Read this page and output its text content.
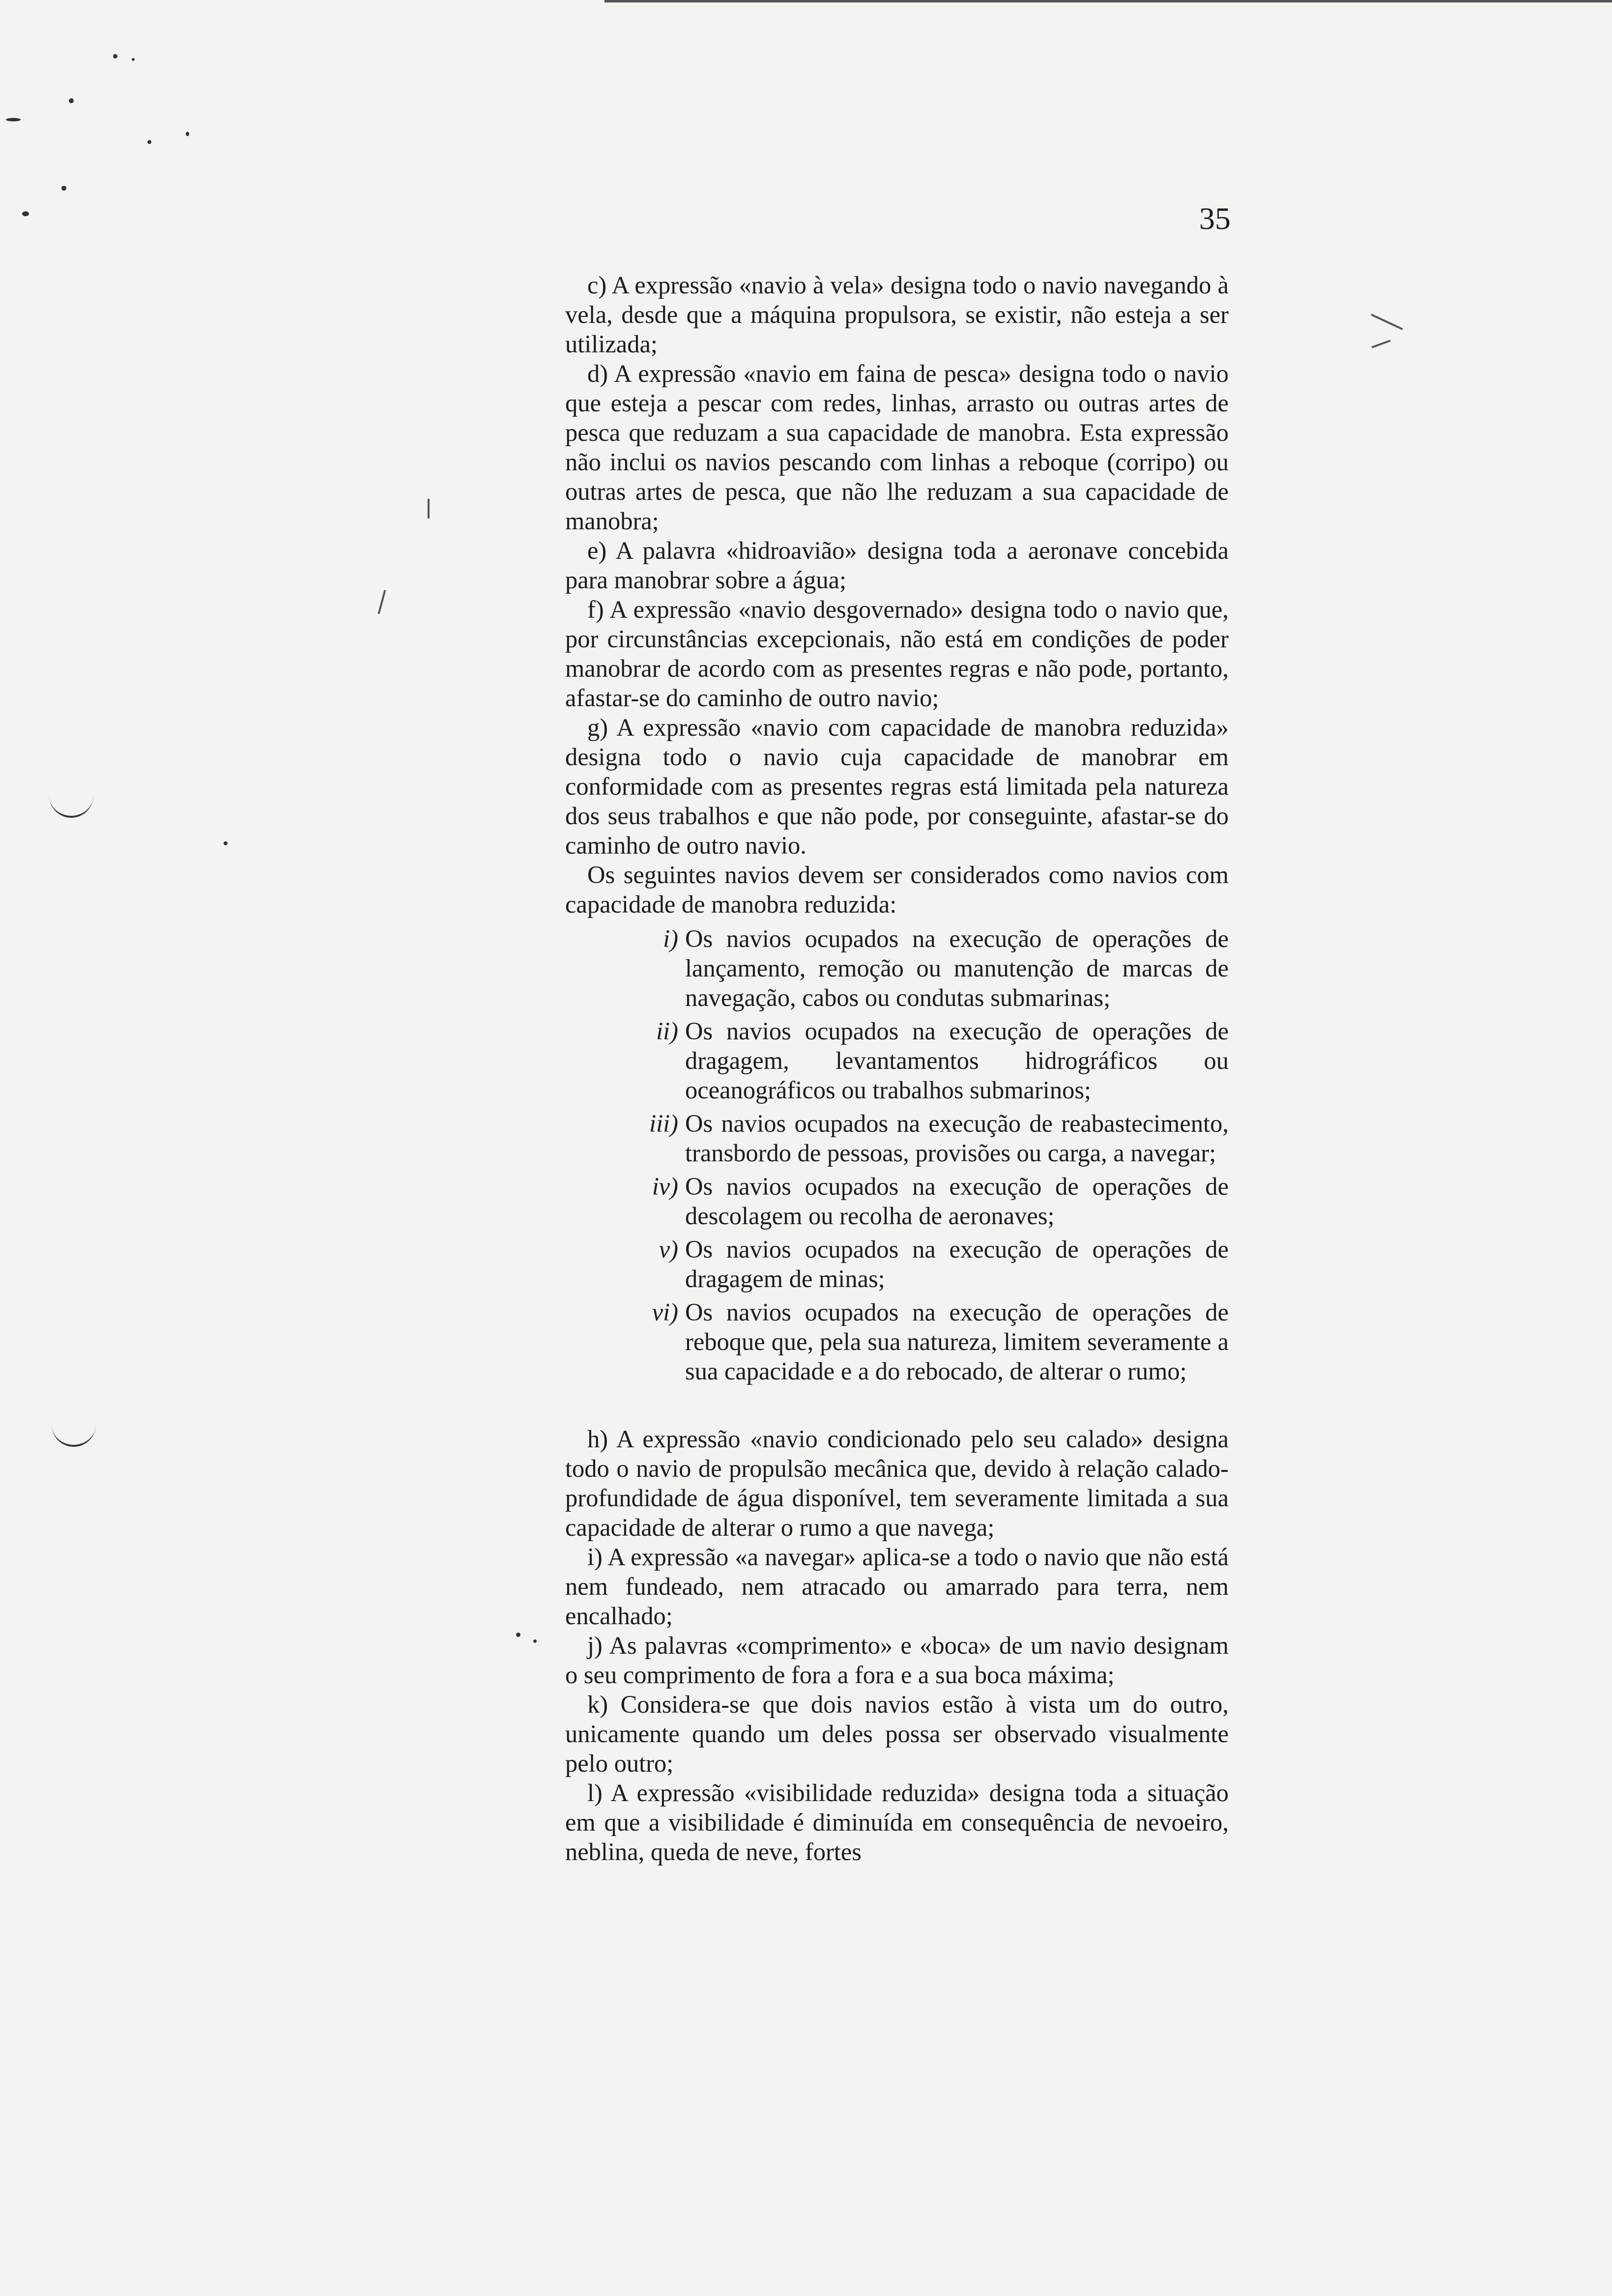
35

c) A expressão «navio à vela» designa todo o navio navegando à vela, desde que a máquina propulsora, se existir, não esteja a ser utilizada;

d) A expressão «navio em faina de pesca» designa todo o navio que esteja a pescar com redes, linhas, arrasto ou outras artes de pesca que reduzam a sua capacidade de manobra. Esta expressão não inclui os navios pescando com linhas a reboque (corripo) ou outras artes de pesca, que não lhe reduzam a sua capacidade de manobra;

e) A palavra «hidroavião» designa toda a aeronave concebida para manobrar sobre a água;

f) A expressão «navio desgovernado» designa todo o navio que, por circunstâncias excepcionais, não está em condições de poder manobrar de acordo com as presentes regras e não pode, portanto, afastar-se do caminho de outro navio;

g) A expressão «navio com capacidade de manobra reduzida» designa todo o navio cuja capacidade de manobrar em conformidade com as presentes regras está limitada pela natureza dos seus trabalhos e que não pode, por conseguinte, afastar-se do caminho de outro navio.

Os seguintes navios devem ser considerados como navios com capacidade de manobra reduzida:

i) Os navios ocupados na execução de operações de lançamento, remoção ou manutenção de marcas de navegação, cabos ou condutas submarinas;
ii) Os navios ocupados na execução de operações de dragagem, levantamentos hidrográficos ou oceanográficos ou trabalhos submarinos;
iii) Os navios ocupados na execução de reabastecimento, transbordo de pessoas, provisões ou carga, a navegar;
iv) Os navios ocupados na execução de operações de descolagem ou recolha de aeronaves;
v) Os navios ocupados na execução de operações de dragagem de minas;
vi) Os navios ocupados na execução de operações de reboque que, pela sua natureza, limitem severamente a sua capacidade e a do rebocado, de alterar o rumo;

h) A expressão «navio condicionado pelo seu calado» designa todo o navio de propulsão mecânica que, devido à relação calado-profundidade de água disponível, tem severamente limitada a sua capacidade de alterar o rumo a que navega;

i) A expressão «a navegar» aplica-se a todo o navio que não está nem fundeado, nem atracado ou amarrado para terra, nem encalhado;

j) As palavras «comprimento» e «boca» de um navio designam o seu comprimento de fora a fora e a sua boca máxima;

k) Considera-se que dois navios estão à vista um do outro, unicamente quando um deles possa ser observado visualmente pelo outro;

l) A expressão «visibilidade reduzida» designa toda a situação em que a visibilidade é diminuída em consequência de nevoeiro, neblina, queda de neve, fortes
